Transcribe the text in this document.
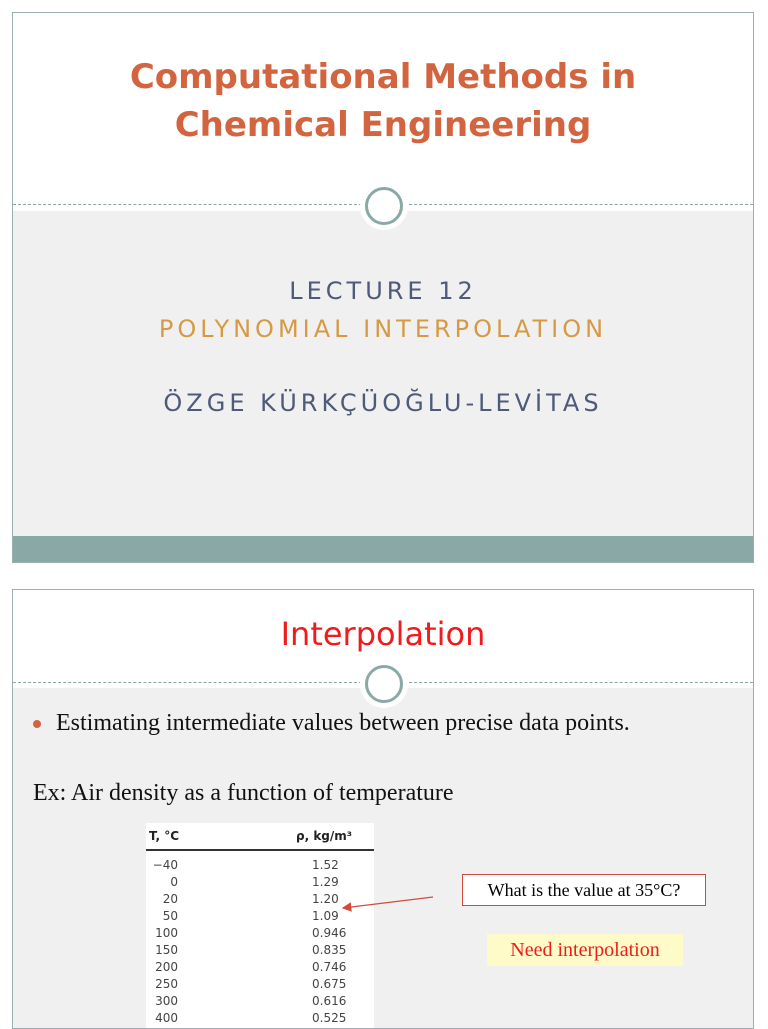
Computational Methods in
Chemical Engineering
LECTURE 12
POLYNOMIAL INTERPOLATION
ÖZGE KÜRKÇÜOĞLU-LEVİTAS
Interpolation
Estimating intermediate values between precise data points.
Ex: Air density as a function of temperature
T, °C	ρ, kg/m³
−40	1.52
0	1.29
20	1.20
50	1.09
100	0.946
150	0.835
200	0.746
250	0.675
300	0.616
400	0.525
What is the value at 35°C?
Need interpolation
